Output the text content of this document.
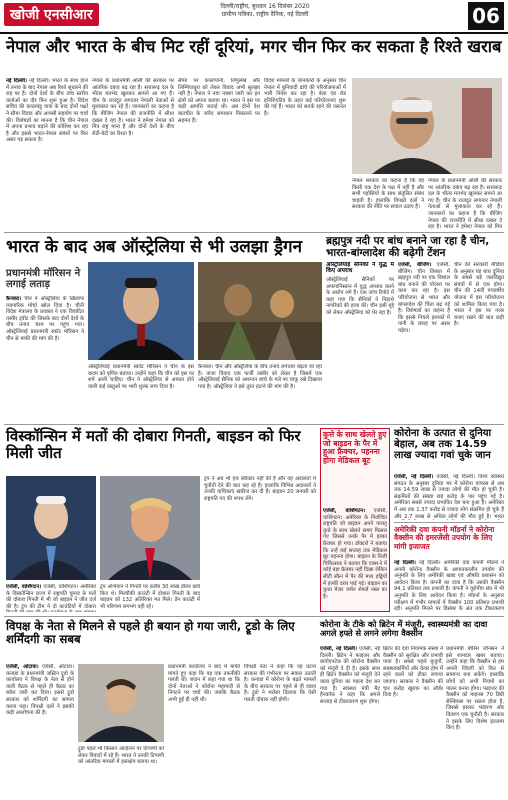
खोजी एनसीआर
दिल्ली/राष्ट्रीय, बुधवार 16 दिसंबर 2020
ग्रामीण पत्रिका, राष्ट्रीय दैनिक, नई दिल्ली	06
नेपाल और भारत के बीच मिट रहीं दूरियां, मगर चीन फिर कर सकता है रिश्ते खराब
नई दिल्ली। नई दिल्ली। भारत के साथ हाल में तनाव के बाद नेपाल अब रिश्ते सुधारने की राह पर है। दोनों देशों के बीच उच्च स्तरीय वार्ताओं का दौर फिर शुरू हुआ है। विदेश सचिव की काठमांडू यात्रा के बाद दोनों पक्षों ने सीमा विवाद और आपसी सहयोग पर चर्चा की। विशेषज्ञों का मानना है कि चीन नेपाल में अपना प्रभाव बढ़ाने की कोशिश कर रहा है और इससे भारत-नेपाल संबंधों पर फिर असर पड़ सकता है।
नेपाल के प्रधानमंत्री ओली की सरकार पर आंतरिक दबाव बढ़ रहा है। सत्तारूढ़ दल के भीतर मतभेद खुलकर सामने आ गए हैं। चीन के राजदूत लगातार नेपाली नेताओं से मुलाकात कर रहे हैं। जानकारों का कहना है कि बीजिंग नेपाल की राजनीति में सीधा दखल दे रहा है। भारत ने हमेशा नेपाल को मित्र राष्ट्र माना है और दोनों देशों के बीच रोटी-बेटी का रिश्ता है।
सीमा पर कालापानी, लिपुलेख और लिम्पियाधुरा को लेकर विवाद अभी सुलझा नहीं है। नेपाल ने नया नक्शा जारी कर इन क्षेत्रों को अपना बताया था। भारत ने इस पर कड़ी आपत्ति जताई थी। अब दोनों देश बातचीत के जरिए समाधान निकालने पर सहमत हैं।
विदेश मामलों के जानकारों के अनुसार चीन नेपाल में बुनियादी ढांचे की परियोजनाओं में भारी निवेश कर रहा है। बेल्ट एंड रोड इनिशिएटिव के तहत कई परियोजनाएं शुरू की गई हैं। भारत को सतर्क रहने की जरूरत है।
नेपाल सरकार का कहना है कि वह किसी एक देश के पक्ष में नहीं है और सभी पड़ोसियों के साथ संतुलित संबंध चाहती है। हालांकि विपक्षी दलों ने सरकार की नीति पर सवाल उठाए हैं।
नेपाल के प्रधानमंत्री ओली की सरकार पर आंतरिक दबाव बढ़ रहा है। सत्तारूढ़ दल के भीतर मतभेद खुलकर सामने आ गए हैं। चीन के राजदूत लगातार नेपाली नेताओं से मुलाकात कर रहे हैं। जानकारों का कहना है कि बीजिंग नेपाल की राजनीति में सीधा दखल दे रहा है। भारत ने हमेशा नेपाल को मित्र
भारत के बाद अब ऑस्ट्रेलिया से भी उलझा ड्रैगन
प्रधानमंत्री मॉरिसन ने लगाई लताड़
कैनबरा। चीन ने ऑस्ट्रेलिया के खिलाफ व्यापारिक मोर्चा खोल दिया है। चीनी विदेश मंत्रालय के प्रवक्ता ने एक विवादित तस्वीर ट्वीट की जिसके बाद दोनों देशों के बीच तनाव चरम पर पहुंच गया। ऑस्ट्रेलियाई प्रधानमंत्री स्कॉट मॉरिसन ने चीन से माफी की मांग की है।
ऑस्ट्रेलियाई प्रधानमंत्री स्कॉट मॉरिसन ने चीन के इस कदम को घृणित बताया। उन्होंने कहा कि चीन को इस पर शर्म आनी चाहिए। चीन ने ऑस्ट्रेलिया से आयात होने वाली कई वस्तुओं पर भारी शुल्क लगा दिया है।
कैनबरा। चीन और ऑस्ट्रेलिया के बीच तनाव लगातार बढ़ता जा रहा है। ताजा विवाद एक फर्जी तस्वीर को लेकर है जिसमें एक ऑस्ट्रेलियाई सैनिक को अफगान बच्चे के गले पर चाकू रखे दिखाया गया है। ऑस्ट्रेलिया ने इसे तुरंत हटाने की मांग की है।
ऑस्ट्रेलियाई सैनिकों ने युद्ध में किए अपराध
ऑस्ट्रेलियाई सैनिकों पर अफगानिस्तान में युद्ध अपराध करने के आरोप लगे हैं। एक जांच रिपोर्ट में कहा गया कि सैनिकों ने निहत्थे नागरिकों की हत्या की। चीन इसी मुद्दे को लेकर ऑस्ट्रेलिया को घेर रहा है।
ब्रह्मपुत्र नदी पर बांध बनाने जा रहा है चीन, भारत-बांग्लादेश की बढ़ेगी टेंशन
एजेंसी, बीजिंग। एजेंसी, बीजिंग। चीन तिब्बत में ब्रह्मपुत्र नदी पर एक विशाल बांध बनाने की योजना पर काम कर रहा है। इस परियोजना से भारत और बांग्लादेश की चिंता बढ़ गई है। विशेषज्ञों का कहना है कि इससे निचले इलाकों में पानी के प्रवाह पर असर पड़ेगा।
चीन की सरकारी मीडिया के अनुसार यह बांध दुनिया के सबसे बड़े जलविद्युत संयंत्रों में से एक होगा। चीन की 14वीं पंचवर्षीय योजना में इस परियोजना को शामिल किया गया है। भारत ने इस पर नजर बनाए रखने की बात कही है।
विस्कॉन्सिन में मतों की दोबारा गिनती, बाइडन को फिर मिली जीत
एजेंसी, वाशिंगटन। एजेंसी, वाशिंगटन। अमेरिका के विस्कॉन्सिन राज्य में राष्ट्रपति चुनाव के मतों की दोबारा गिनती में भी जो बाइडन ने जीत दर्ज की है। ट्रंप की टीम ने दो काउंटियों में दोबारा
ट्रंप अभियान ने गिनती पर करीब 30 लाख डॉलर खर्च किए थे। मिल्वौकी काउंटी में दोबारा गिनती के बाद बाइडन को 132 अतिरिक्त मत मिले। डेन काउंटी में भी परिणाम लगभग वही रहे।
ट्रंप ने अब भी हार स्वीकार नहीं की है और वह अदालतों में चुनौती देने की बात कह रहे हैं। हालांकि विभिन्न अदालतों ने उनकी याचिकाएं खारिज कर दी हैं। बाइडन 20 जनवरी को राष्ट्रपति पद की शपथ लेंगे।
कुत्ते के साथ खेलते हुए जो बाइडन के पैर में हुआ फ्रैक्चर, पहनना होगा मेडिकल बूट
एजेंसी, वाशिंगटन। एजेंसी, वाशिंगटन। अमेरिका के निर्वाचित राष्ट्रपति जो बाइडन अपने पालतू कुत्ते के साथ खेलते समय फिसल गए जिससे उनके पैर में हल्का फ्रैक्चर हो गया। डॉक्टरों ने बताया कि उन्हें कई सप्ताह तक मेडिकल बूट पहनना होगा। बाइडन के निजी चिकित्सक ने बताया कि एक्स-रे में कोई बड़ा फ्रैक्चर नहीं दिखा लेकिन सीटी स्कैन में पैर की मध्य हड्डियों में हल्की दरार पाई गई। बाइडन का कुत्ता मेजर जर्मन शेफर्ड नस्ल का है।
कोरोना के उत्पात से दुनिया बेहाल, अब तक 14.59 लाख ज्यादा गवां चुके जान
एजेंसी, नई दिल्ली। एजेंसी, नई दिल्ली। विश्व स्वास्थ्य संगठन के अनुसार दुनिया भर में कोरोना वायरस से अब तक 14.59 लाख से ज्यादा लोगों की मौत हो चुकी है। संक्रमितों की संख्या छह करोड़ के पार पहुंच गई है। अमेरिका सबसे ज्यादा प्रभावित देश बना हुआ है। अमेरिका में अब तक 1.37 करोड़ से ज्यादा लोग संक्रमित हो चुके हैं और 2.7 लाख से अधिक लोगों की मौत हुई है। भारत
अमेरिकी दवा कंपनी मॉडर्ना ने कोरोना वैक्सीन की इमरजेंसी उपयोग के लिए मांगी इजाजत
नई दिल्ली। नई दिल्ली। अमेरिकी दवा कंपनी मॉडर्ना ने अपनी कोरोना वैक्सीन के आपातकालीन उपयोग की अनुमति के लिए अमेरिकी खाद्य एवं औषधि प्रशासन को आवेदन किया है। कंपनी का दावा है कि उसकी वैक्सीन 94.1 प्रतिशत तक प्रभावी है। कंपनी ने यूरोपीय संघ में भी अनुमति के लिए आवेदन किया है। मॉडर्ना के अनुसार परीक्षण में गंभीर मामलों में वैक्सीन 100 प्रतिशत प्रभावी रही। अनुमति मिलने पर दिसंबर के अंत तक टीकाकरण
विपक्ष के नेता से मिलने से पहले ही बयान हो गया जारी, ट्रूडो के लिए शर्मिंदगी का सबब
एजेंसी, ओटावा। एजेंसी, ओटावा। कनाडा के प्रधानमंत्री जस्टिन ट्रूडो के कार्यालय ने विपक्ष के नेता से होने वाली बैठक से पहले ही बैठक का ब्योरा जारी कर दिया। इससे ट्रूडो सरकार को शर्मिंदगी का सामना करना पड़ा। विपक्षी दलों ने इसकी कड़ी आलोचना की है।
ट्रूडो पहले भी किसान आंदोलन पर टिप्पणी को लेकर विवादों में रहे हैं। भारत ने उनकी टिप्पणी को आंतरिक मामलों में हस्तक्षेप बताया था।
प्रधानमंत्री कार्यालय ने बाद में माफी मांगते हुए कहा कि यह एक तकनीकी गलती थी। बयान में कहा गया था कि दोनों नेताओं ने कोरोना महामारी से निपटने पर चर्चा की। जबकि बैठक अभी हुई ही नहीं थी।
विपक्षी नेता ने कहा कि यह घटना सरकार की गंभीरता पर सवाल उठाती है। कनाडा में कोरोना के बढ़ते मामलों के बीच सरकार पर पहले से ही दबाव है। ट्रूडो ने भरोसा दिलाया कि ऐसी गलती दोबारा नहीं होगी।
कोरोना के टीके को ब्रिटेन में मंजूरी, स्वास्थ्यमंत्री का दावा अगले हफ्ते से लगने लगेगा वैक्सीन
एजेंसी, नई दिल्ली। एजेंसी, नई दिल्ली। ब्रिटेन ने फाइजर और बायोएनटेक की कोरोना वैक्सीन को मंजूरी दे दी है। इसके साथ ही ब्रिटेन वैक्सीन को मंजूरी देने वाला दुनिया का पहला देश बन गया है। स्वास्थ्य मंत्री मैट हैनकॉक ने कहा कि अगले सप्ताह से टीकाकरण शुरू होगा।
ब्रिटेन की दवा नियामक संस्था ने वैक्सीन को सुरक्षित और प्रभावी पाया है। सबसे पहले बुजुर्गों, स्वास्थ्यकर्मियों और केयर होम में रहने वालों को टीका लगाया जाएगा। सरकार ने वैक्सीन की चार करोड़ खुराक का ऑर्डर दिया है।
प्रधानमंत्री बोरिस जॉनसन ने इसे शानदार खबर बताया। उन्होंने कहा कि वैक्सीन से हम अपनी जिंदगी को फिर से सामान्य बना सकेंगे। हालांकि लोगों को अभी नियमों का पालन करना होगा। फाइजर की वैक्सीन को माइनस 70 डिग्री सेल्सियस पर रखना होता है, जिससे इसका भंडारण और वितरण एक चुनौती है। सरकार ने इसके लिए विशेष इंतजाम किए हैं।
